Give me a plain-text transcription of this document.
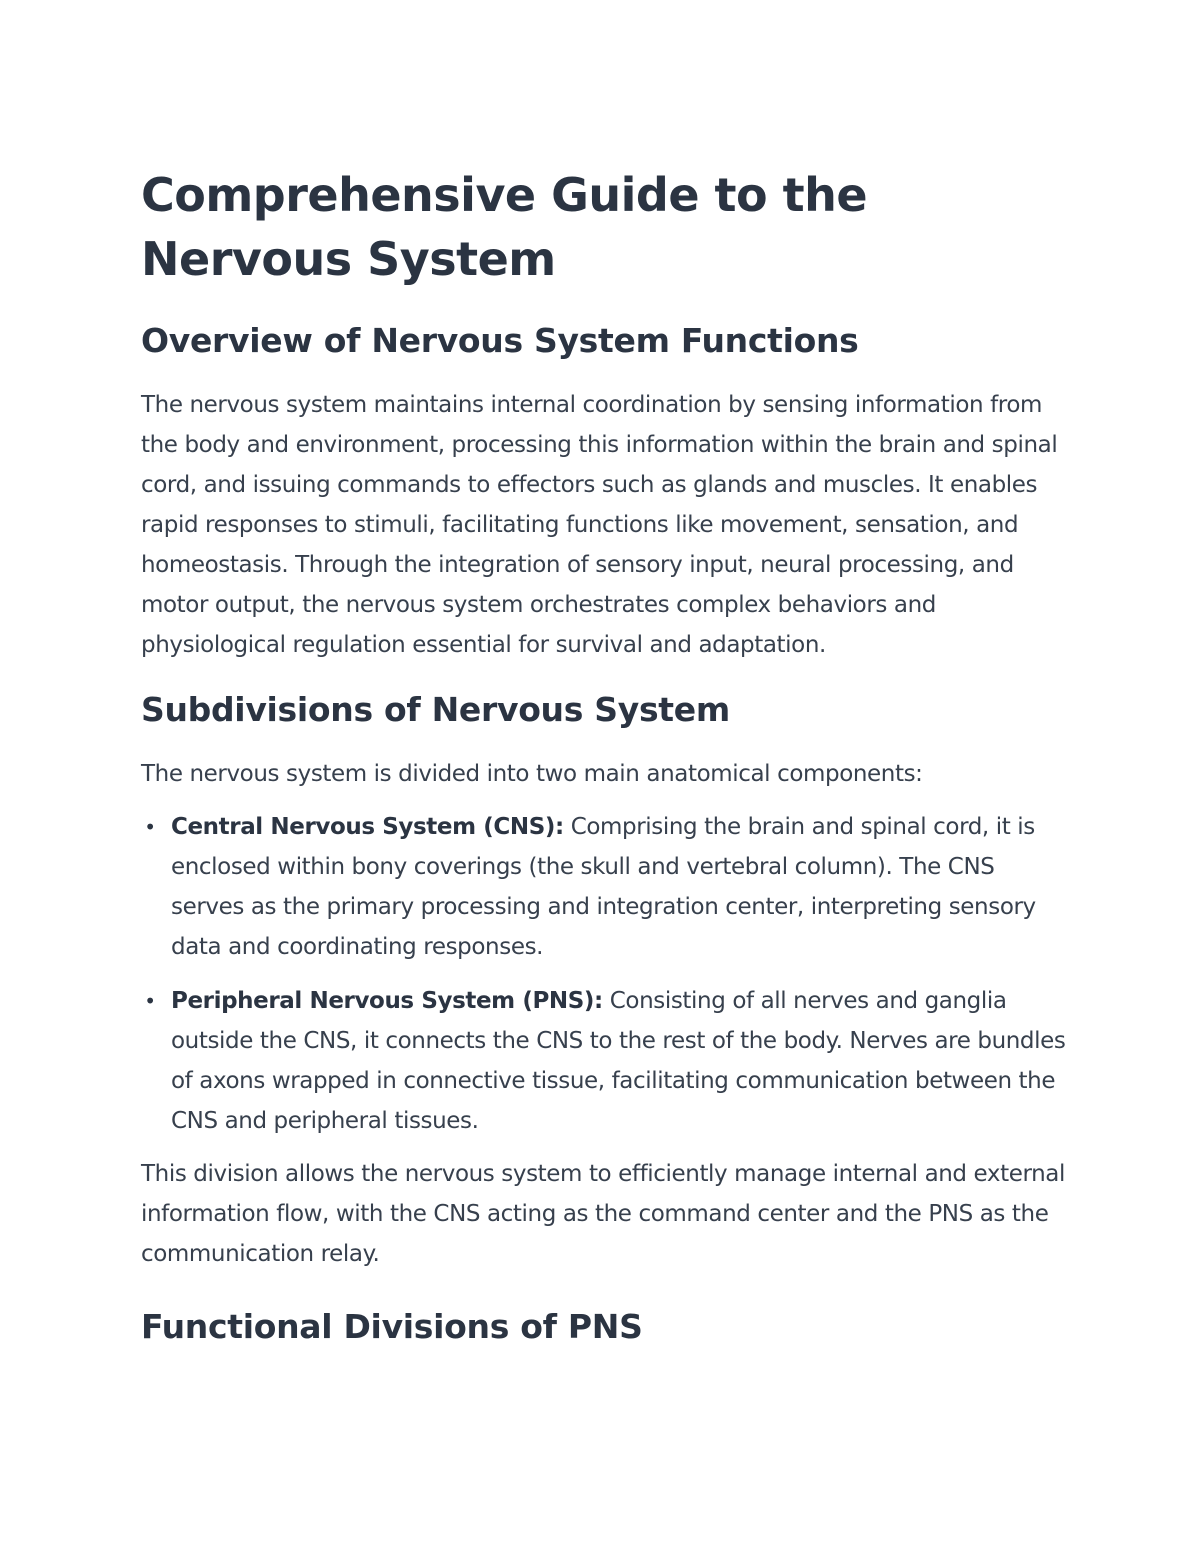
Comprehensive Guide to the Nervous System
Overview of Nervous System Functions

The nervous system maintains internal coordination by sensing information from the body and environment, processing this information within the brain and spinal cord, and issuing commands to effectors such as glands and muscles. It enables rapid responses to stimuli, facilitating functions like movement, sensation, and homeostasis. Through the integration of sensory input, neural processing, and motor output, the nervous system orchestrates complex behaviors and physiological regulation essential for survival and adaptation.

Subdivisions of Nervous System

The nervous system is divided into two main anatomical components:

• Central Nervous System (CNS): Comprising the brain and spinal cord, it is enclosed within bony coverings (the skull and vertebral column). The CNS serves as the primary processing and integration center, interpreting sensory data and coordinating responses.
• Peripheral Nervous System (PNS): Consisting of all nerves and ganglia outside the CNS, it connects the CNS to the rest of the body. Nerves are bundles of axons wrapped in connective tissue, facilitating communication between the CNS and peripheral tissues.

This division allows the nervous system to efficiently manage internal and external information flow, with the CNS acting as the command center and the PNS as the communication relay.

Functional Divisions of PNS
